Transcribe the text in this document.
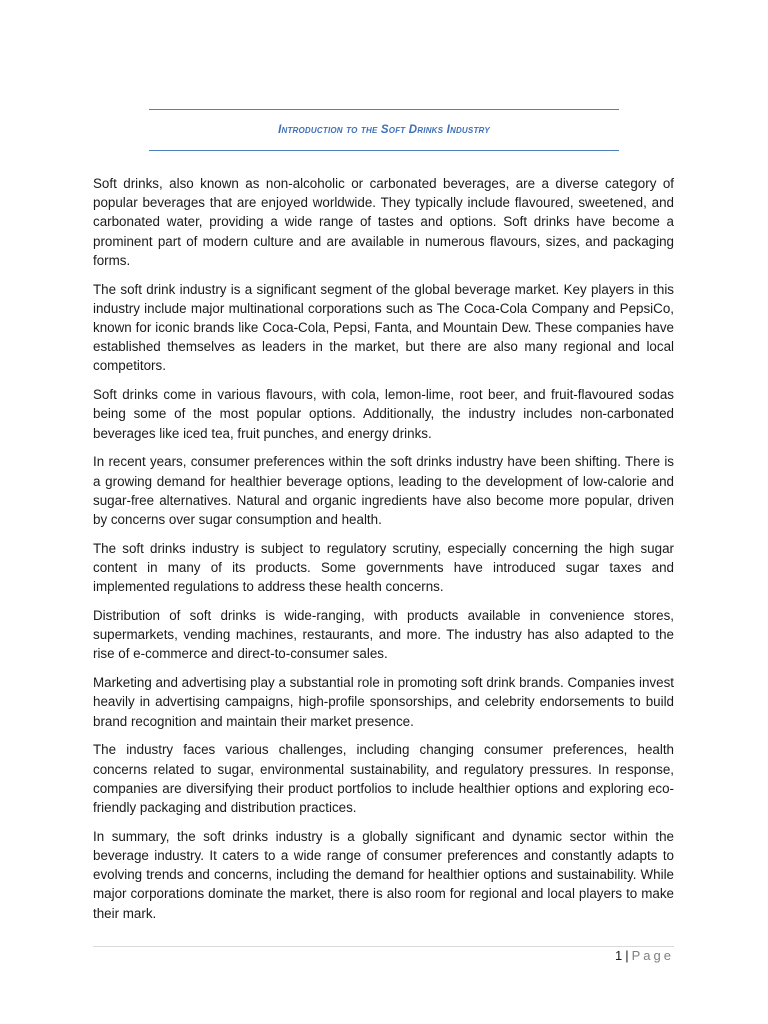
Introduction to the Soft Drinks Industry

Soft drinks, also known as non-alcoholic or carbonated beverages, are a diverse category of popular beverages that are enjoyed worldwide. They typically include flavoured, sweetened, and carbonated water, providing a wide range of tastes and options. Soft drinks have become a prominent part of modern culture and are available in numerous flavours, sizes, and packaging forms.

The soft drink industry is a significant segment of the global beverage market. Key players in this industry include major multinational corporations such as The Coca-Cola Company and PepsiCo, known for iconic brands like Coca-Cola, Pepsi, Fanta, and Mountain Dew. These companies have established themselves as leaders in the market, but there are also many regional and local competitors.

Soft drinks come in various flavours, with cola, lemon-lime, root beer, and fruit-flavoured sodas being some of the most popular options. Additionally, the industry includes non-carbonated beverages like iced tea, fruit punches, and energy drinks.

In recent years, consumer preferences within the soft drinks industry have been shifting. There is a growing demand for healthier beverage options, leading to the development of low-calorie and sugar-free alternatives. Natural and organic ingredients have also become more popular, driven by concerns over sugar consumption and health.

The soft drinks industry is subject to regulatory scrutiny, especially concerning the high sugar content in many of its products. Some governments have introduced sugar taxes and implemented regulations to address these health concerns.

Distribution of soft drinks is wide-ranging, with products available in convenience stores, supermarkets, vending machines, restaurants, and more. The industry has also adapted to the rise of e-commerce and direct-to-consumer sales.

Marketing and advertising play a substantial role in promoting soft drink brands. Companies invest heavily in advertising campaigns, high-profile sponsorships, and celebrity endorsements to build brand recognition and maintain their market presence.

The industry faces various challenges, including changing consumer preferences, health concerns related to sugar, environmental sustainability, and regulatory pressures. In response, companies are diversifying their product portfolios to include healthier options and exploring eco-friendly packaging and distribution practices.

In summary, the soft drinks industry is a globally significant and dynamic sector within the beverage industry. It caters to a wide range of consumer preferences and constantly adapts to evolving trends and concerns, including the demand for healthier options and sustainability. While major corporations dominate the market, there is also room for regional and local players to make their mark.

1 | Page
